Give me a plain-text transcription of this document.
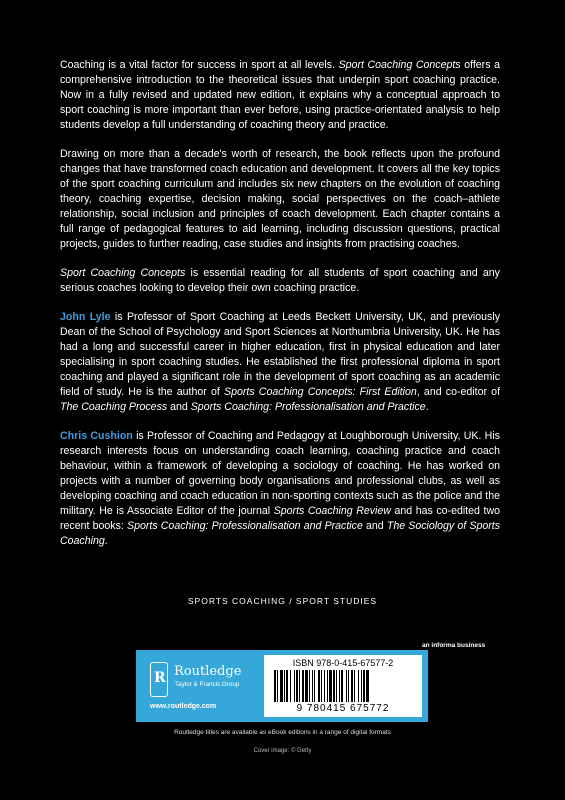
Coaching is a vital factor for success in sport at all levels. Sport Coaching Concepts offers a comprehensive introduction to the theoretical issues that underpin sport coaching practice. Now in a fully revised and updated new edition, it explains why a conceptual approach to sport coaching is more important than ever before, using practice-orientated analysis to help students develop a full understanding of coaching theory and practice.

Drawing on more than a decade's worth of research, the book reflects upon the profound changes that have transformed coach education and development. It covers all the key topics of the sport coaching curriculum and includes six new chapters on the evolution of coaching theory, coaching expertise, decision making, social perspectives on the coach–athlete relationship, social inclusion and principles of coach development. Each chapter contains a full range of pedagogical features to aid learning, including discussion questions, practical projects, guides to further reading, case studies and insights from practising coaches.

Sport Coaching Concepts is essential reading for all students of sport coaching and any serious coaches looking to develop their own coaching practice.

John Lyle is Professor of Sport Coaching at Leeds Beckett University, UK, and previously Dean of the School of Psychology and Sport Sciences at Northumbria University, UK. He has had a long and successful career in higher education, first in physical education and later specialising in sport coaching studies. He established the first professional diploma in sport coaching and played a significant role in the development of sport coaching as an academic field of study. He is the author of Sports Coaching Concepts: First Edition, and co-editor of The Coaching Process and Sports Coaching: Professionalisation and Practice.

Chris Cushion is Professor of Coaching and Pedagogy at Loughborough University, UK. His research interests focus on understanding coach learning, coaching practice and coach behaviour, within a framework of developing a sociology of coaching. He has worked on projects with a number of governing body organisations and professional clubs, as well as developing coaching and coach education in non-sporting contexts such as the police and the military. He is Associate Editor of the journal Sports Coaching Review and has co-edited two recent books: Sports Coaching: Professionalisation and Practice and The Sociology of Sports Coaching.

SPORTS COACHING / SPORT STUDIES
an informa business
R Routledge
Taylor & Francis Group
www.routledge.com
ISBN 978-0-415-67577-2
9 780415 675772
Routledge titles are available as eBook editions in a range of digital formats
Cover image: © Getty
